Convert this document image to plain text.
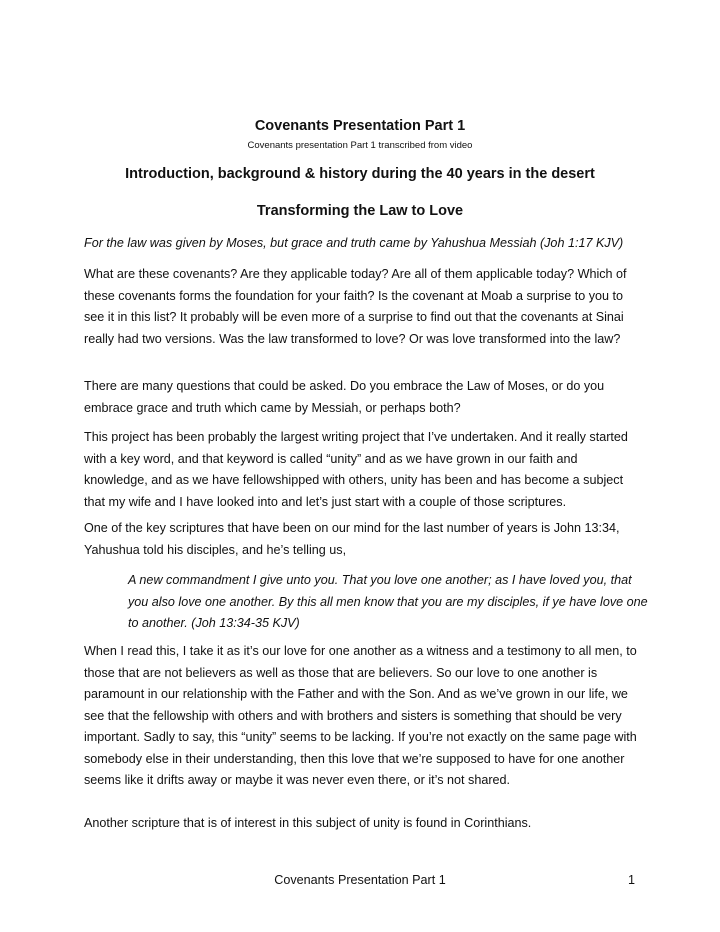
Covenants Presentation Part 1
Covenants presentation Part 1 transcribed from video
Introduction, background & history during the 40 years in the desert
Transforming the Law to Love
For the law was given by Moses, but grace and truth came by Yahushua Messiah (Joh 1:17 KJV)
What are these covenants? Are they applicable today? Are all of them applicable today? Which of these covenants forms the foundation for your faith? Is the covenant at Moab a surprise to you to see it in this list? It probably will be even more of a surprise to find out that the covenants at Sinai really had two versions. Was the law transformed to love? Or was love transformed into the law?
There are many questions that could be asked. Do you embrace the Law of Moses, or do you embrace grace and truth which came by Messiah, or perhaps both?
This project has been probably the largest writing project that I’ve undertaken. And it really started with a key word, and that keyword is called “unity” and as we have grown in our faith and knowledge, and as we have fellowshipped with others, unity has been and has become a subject that my wife and I have looked into and let’s just start with a couple of those scriptures.
One of the key scriptures that have been on our mind for the last number of years is John 13:34, Yahushua told his disciples, and he’s telling us,
A new commandment I give unto you. That you love one another; as I have loved you, that you also love one another. By this all men know that you are my disciples, if ye have love one to another. (Joh 13:34-35 KJV)
When I read this, I take it as it’s our love for one another as a witness and a testimony to all men, to those that are not believers as well as those that are believers. So our love to one another is paramount in our relationship with the Father and with the Son. And as we’ve grown in our life, we see that the fellowship with others and with brothers and sisters is something that should be very important. Sadly to say, this “unity” seems to be lacking. If you’re not exactly on the same page with somebody else in their understanding, then this love that we’re supposed to have for one another seems like it drifts away or maybe it was never even there, or it’s not shared.
Another scripture that is of interest in this subject of unity is found in Corinthians.
Covenants Presentation Part 1	1
